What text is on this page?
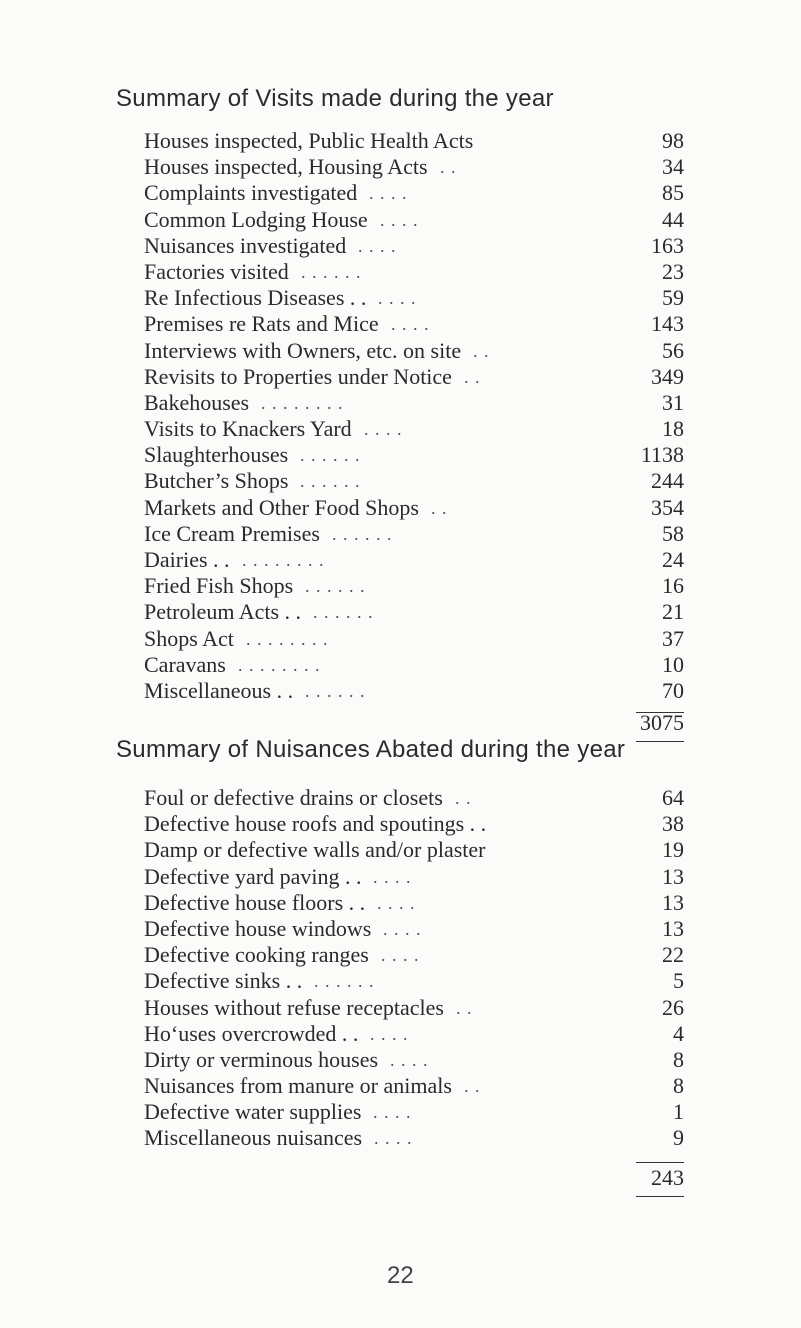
Summary of Visits made during the year
Houses inspected, Public Health Acts	98
Houses inspected, Housing Acts . .	34
Complaints investigated . . . .	85
Common Lodging House . . . .	44
Nuisances investigated . . . .	163
Factories visited . . . . . .	23
Re Infectious Diseases . . . . . .	59
Premises re Rats and Mice . . . .	143
Interviews with Owners, etc. on site . .	56
Revisits to Properties under Notice . .	349
Bakehouses . . . . . . . .	31
Visits to Knackers Yard . . . .	18
Slaughterhouses . . . . . .	1138
Butcher’s Shops . . . . . .	244
Markets and Other Food Shops . .	354
Ice Cream Premises . . . . . .	58
Dairies . . . . . . . . . .	24
Fried Fish Shops . . . . . .	16
Petroleum Acts . . . . . . . .	21
Shops Act . . . . . . . .	37
Caravans . . . . . . . .	10
Miscellaneous . . . . . . . .	70
3075
Summary of Nuisances Abated during the year
Foul or defective drains or closets . .	64
Defective house roofs and spoutings . .	38
Damp or defective walls and/or plaster	19
Defective yard paving . . . . . .	13
Defective house floors . . . . . .	13
Defective house windows . . . .	13
Defective cooking ranges . . . .	22
Defective sinks . . . . . . . .	5
Houses without refuse receptacles . .	26
Ho‘uses overcrowded . . . . . .	4
Dirty or verminous houses . . . .	8
Nuisances from manure or animals . .	8
Defective water supplies . . . .	1
Miscellaneous nuisances . . . .	9
243
22
